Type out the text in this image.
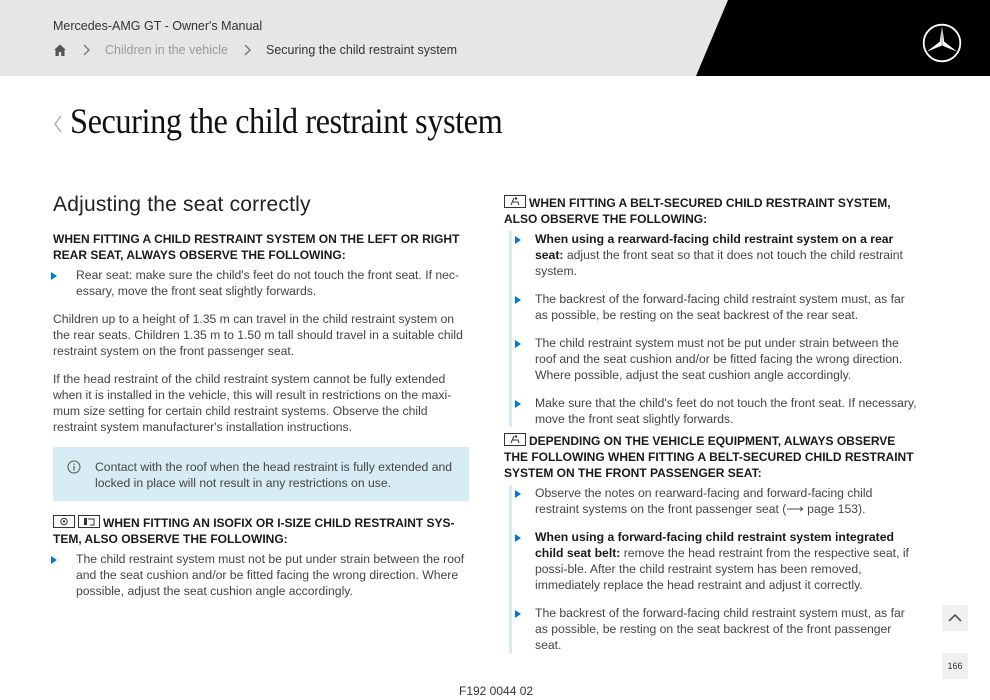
Mercedes-AMG GT - Owner's Manual
Children in the vehicle	Securing the child restraint system
Securing the child restraint system
Adjusting the seat correctly

WHEN FITTING A CHILD RESTRAINT SYSTEM ON THE LEFT OR RIGHT REAR SEAT, ALWAYS OBSERVE THE FOLLOWING:

Rear seat: make sure the child's feet do not touch the front seat. If nec-essary, move the front seat slightly forwards.

Children up to a height of 1.35 m can travel in the child restraint system on the rear seats. Children 1.35 m to 1.50 m tall should travel in a suitable child restraint system on the front passenger seat.

If the head restraint of the child restraint system cannot be fully extended when it is installed in the vehicle, this will result in restrictions on the maxi-mum size setting for certain child restraint systems. Observe the child restraint system manufacturer's installation instructions.

Contact with the roof when the head restraint is fully extended and locked in place will not result in any restrictions on use.

WHEN FITTING AN ISOFIX OR I-SIZE CHILD RESTRAINT SYS-TEM, ALSO OBSERVE THE FOLLOWING:

The child restraint system must not be put under strain between the roof and the seat cushion and/or be fitted facing the wrong direction. Where possible, adjust the seat cushion angle accordingly.

WHEN FITTING A BELT-SECURED CHILD RESTRAINT SYSTEM, ALSO OBSERVE THE FOLLOWING:

When using a rearward-facing child restraint system on a rear seat: adjust the front seat so that it does not touch the child restraint system.
The backrest of the forward-facing child restraint system must, as far as possible, be resting on the seat backrest of the rear seat.
The child restraint system must not be put under strain between the roof and the seat cushion and/or be fitted facing the wrong direction. Where possible, adjust the seat cushion angle accordingly.
Make sure that the child's feet do not touch the front seat. If necessary, move the front seat slightly forwards.

DEPENDING ON THE VEHICLE EQUIPMENT, ALWAYS OBSERVE THE FOLLOWING WHEN FITTING A BELT-SECURED CHILD RESTRAINT SYSTEM ON THE FRONT PASSENGER SEAT:

Observe the notes on rearward-facing and forward-facing child restraint systems on the front passenger seat (⟶ page 153).
When using a forward-facing child restraint system integrated child seat belt: remove the head restraint from the respective seat, if possi-ble. After the child restraint system has been removed, immediately replace the head restraint and adjust it correctly.
The backrest of the forward-facing child restraint system must, as far as possible, be resting on the seat backrest of the front passenger seat.
166
F192 0044 02
